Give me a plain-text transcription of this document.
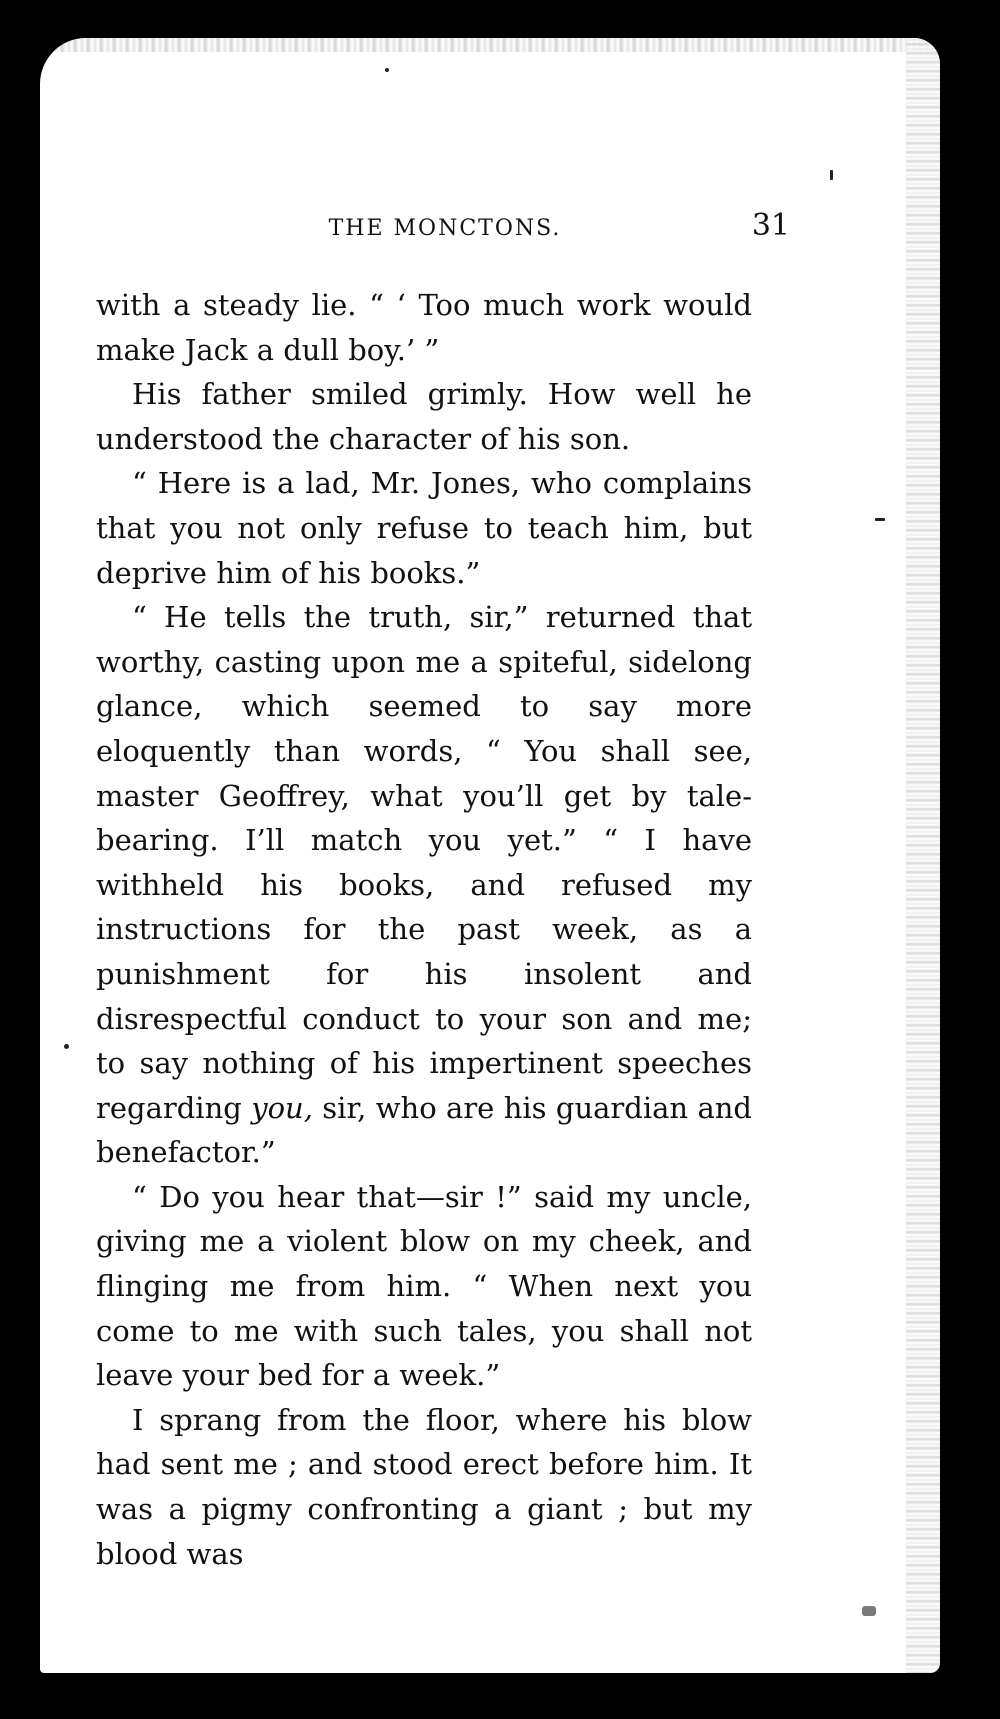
THE MONCTONS.	31

with a steady lie. “ ‘ Too much work would make Jack a dull boy.’ ”

His father smiled grimly. How well he understood the character of his son.

“ Here is a lad, Mr. Jones, who complains that you not only refuse to teach him, but deprive him of his books.”

“ He tells the truth, sir,” returned that worthy, casting upon me a spiteful, sidelong glance, which seemed to say more eloquently than words, “ You shall see, master Geoffrey, what you’ll get by tale-bearing. I’ll match you yet.” “ I have withheld his books, and refused my instructions for the past week, as a punishment for his insolent and disrespectful conduct to your son and me; to say nothing of his impertinent speeches regarding you, sir, who are his guardian and benefactor.”

“ Do you hear that—sir !” said my uncle, giving me a violent blow on my cheek, and flinging me from him. “ When next you come to me with such tales, you shall not leave your bed for a week.”

I sprang from the floor, where his blow had sent me ; and stood erect before him. It was a pigmy confronting a giant ; but my blood was
